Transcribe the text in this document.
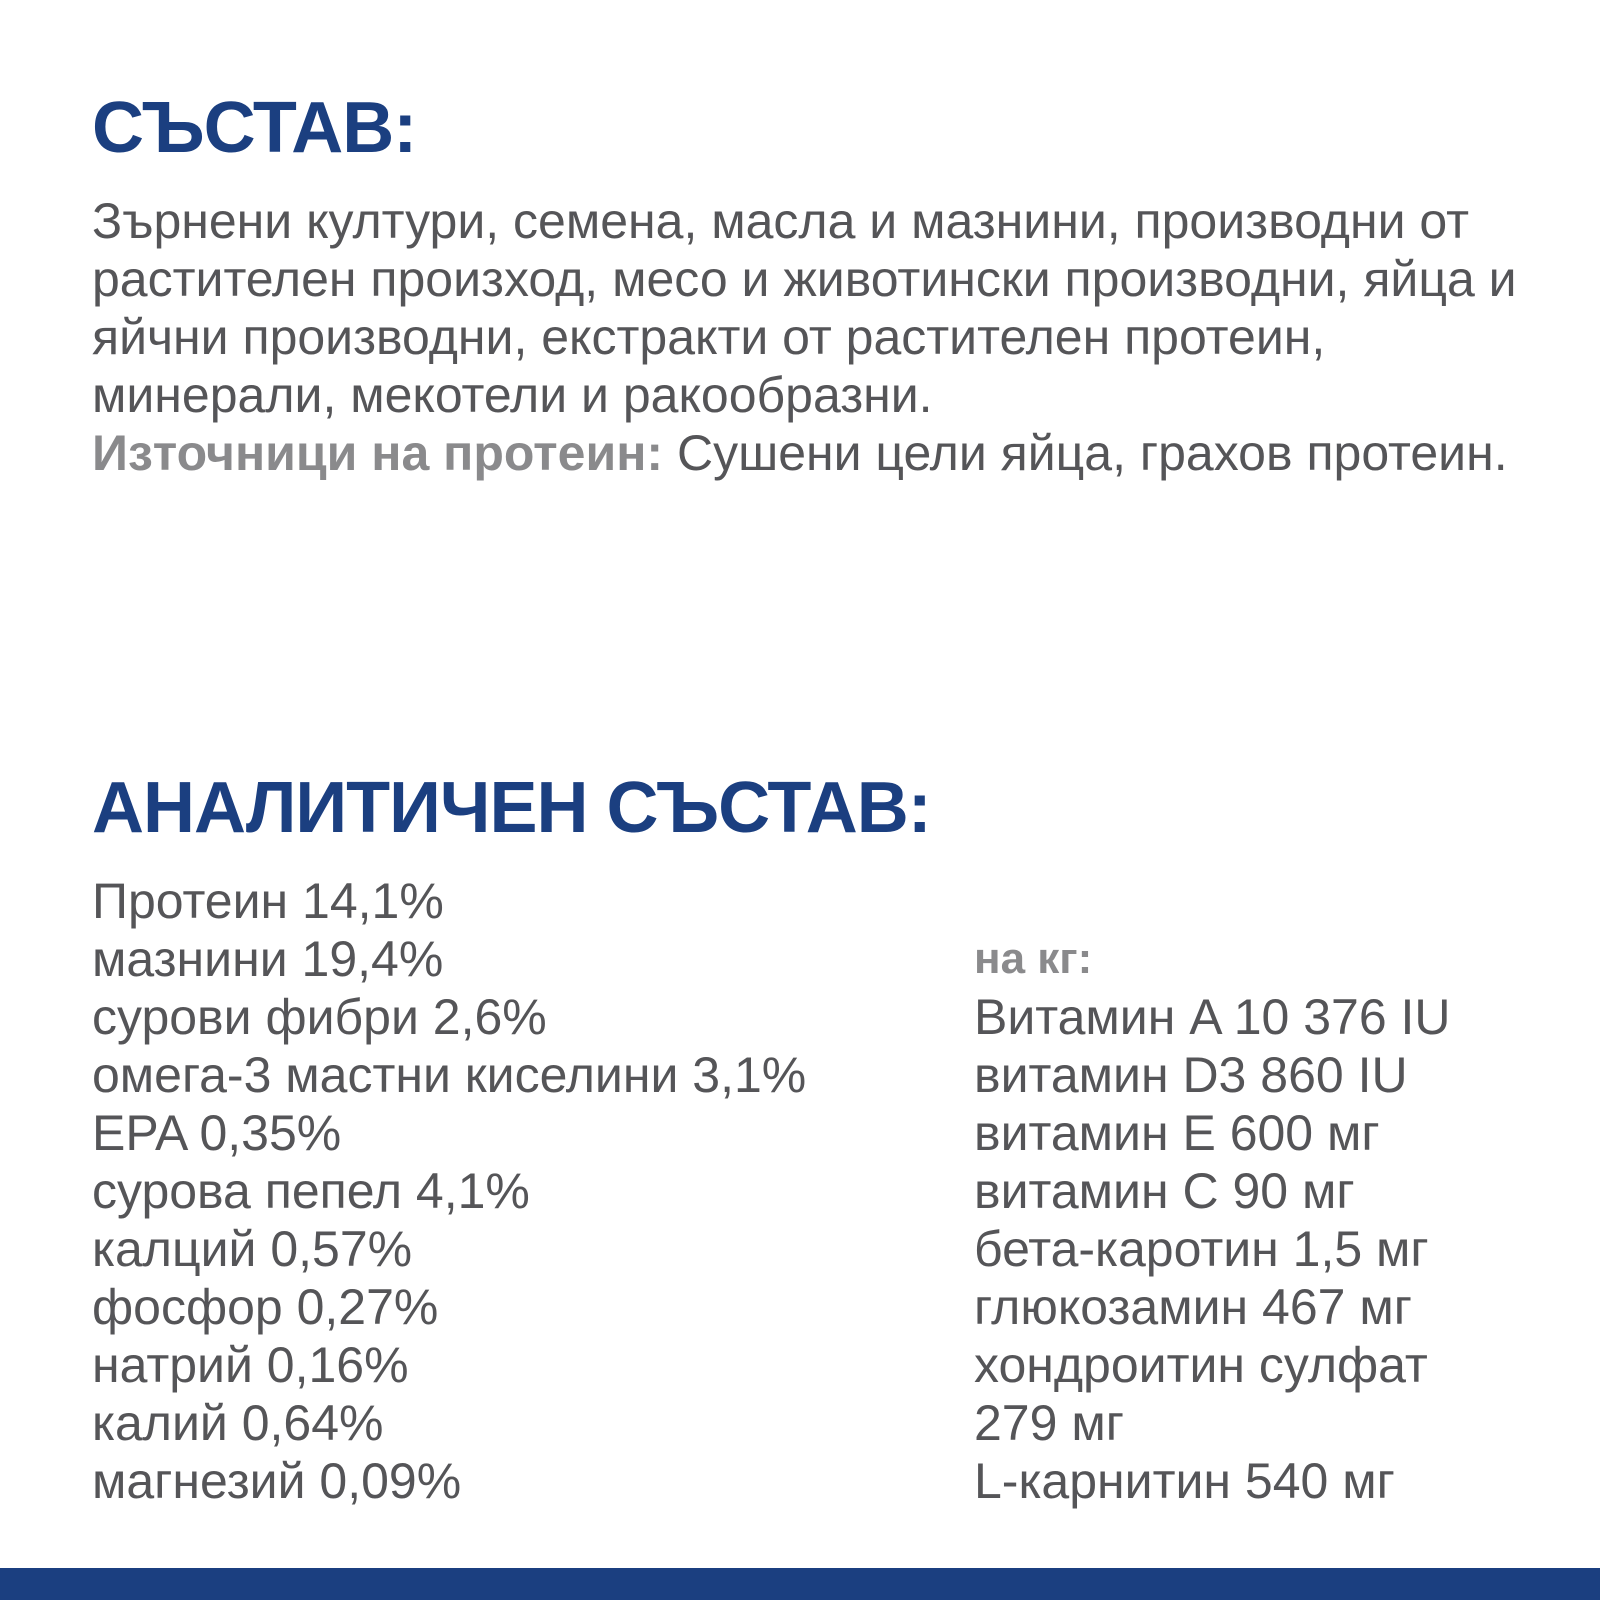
СЪСТАВ:

Зърнени култури, семена, масла и мазнини, производни от растителен произход, месо и животински производни, яйца и яйчни производни, екстракти от растителен протеин, минерали, мекотели и ракообразни.
Източници на протеин: Сушени цели яйца, грахов протеин.

АНАЛИТИЧЕН СЪСТАВ:
Протеин 14,1%
мазнини 19,4%
сурови фибри 2,6%
омега-3 мастни киселини 3,1%
EPA 0,35%
сурова пепел 4,1%
калций 0,57%
фосфор 0,27%
натрий 0,16%
калий 0,64%
магнезий 0,09%
на кг:
Витамин A 10 376 IU
витамин D3 860 IU
витамин E 600 мг
витамин C 90 мг
бета-каротин 1,5 мг
глюкозамин 467 мг
хондроитин сулфат
279 мг
L-карнитин 540 мг
